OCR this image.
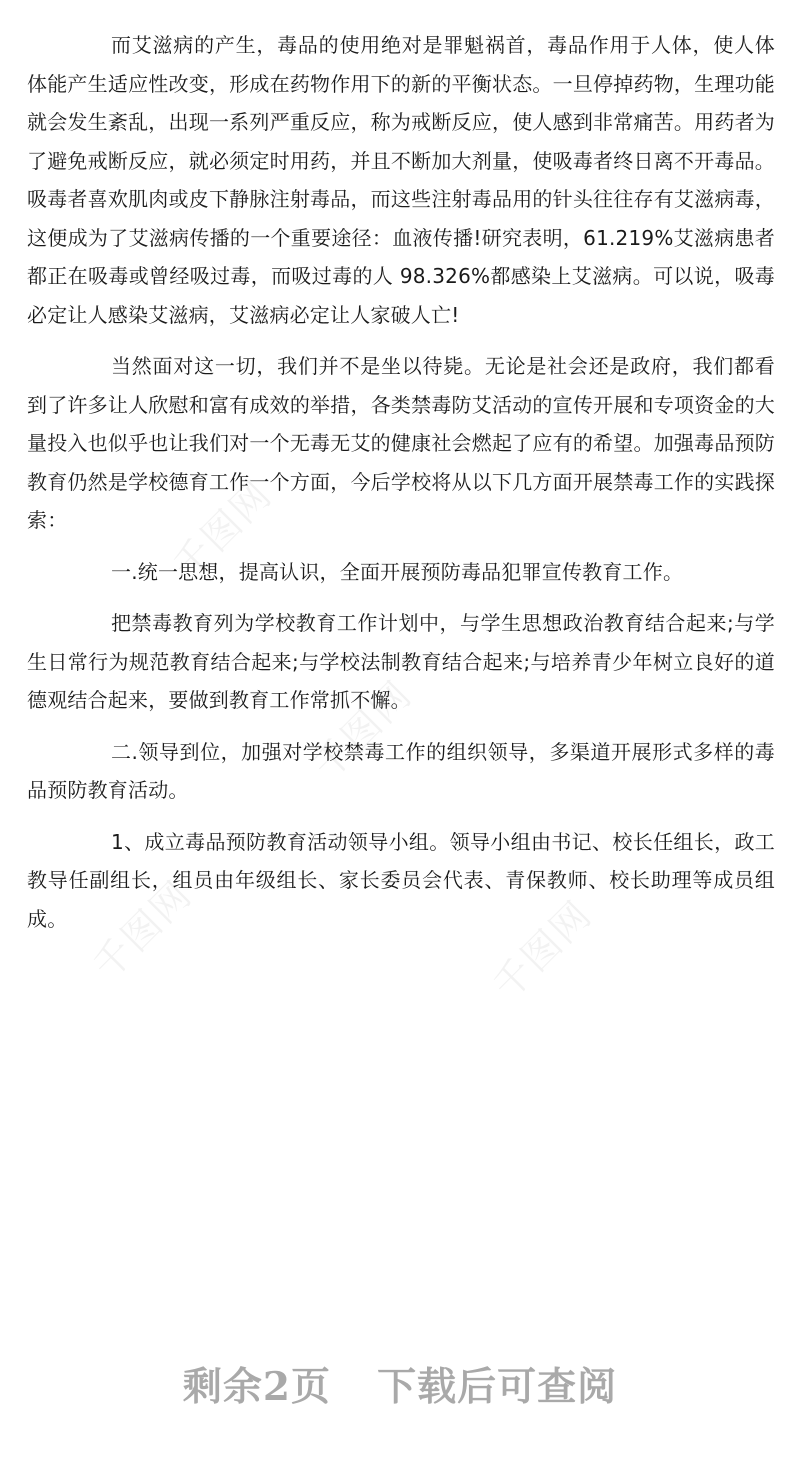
千图网
千图网
千图网	千图网

而艾滋病的产生，毒品的使用绝对是罪魁祸首，毒品作用于人体，使人体体能产生适应性改变，形成在药物作用下的新的平衡状态。一旦停掉药物，生理功能就会发生紊乱，出现一系列严重反应，称为戒断反应，使人感到非常痛苦。用药者为了避免戒断反应，就必须定时用药，并且不断加大剂量，使吸毒者终日离不开毒品。吸毒者喜欢肌肉或皮下静脉注射毒品，而这些注射毒品用的针头往往存有艾滋病毒，这便成为了艾滋病传播的一个重要途径：血液传播!研究表明，61.219%艾滋病患者都正在吸毒或曾经吸过毒，而吸过毒的人 98.326%都感染上艾滋病。可以说，吸毒必定让人感染艾滋病，艾滋病必定让人家破人亡!

当然面对这一切，我们并不是坐以待毙。无论是社会还是政府，我们都看到了许多让人欣慰和富有成效的举措，各类禁毒防艾活动的宣传开展和专项资金的大量投入也似乎也让我们对一个无毒无艾的健康社会燃起了应有的希望。加强毒品预防教育仍然是学校德育工作一个方面，今后学校将从以下几方面开展禁毒工作的实践探索：

一.统一思想，提高认识，全面开展预防毒品犯罪宣传教育工作。

把禁毒教育列为学校教育工作计划中，与学生思想政治教育结合起来;与学生日常行为规范教育结合起来;与学校法制教育结合起来;与培养青少年树立良好的道德观结合起来，要做到教育工作常抓不懈。

二.领导到位，加强对学校禁毒工作的组织领导，多渠道开展形式多样的毒品预防教育活动。

1、成立毒品预防教育活动领导小组。领导小组由书记、校长任组长，政工教导任副组长，组员由年级组长、家长委员会代表、青保教师、校长助理等成员组成。

剩余2页 下载后可查阅
